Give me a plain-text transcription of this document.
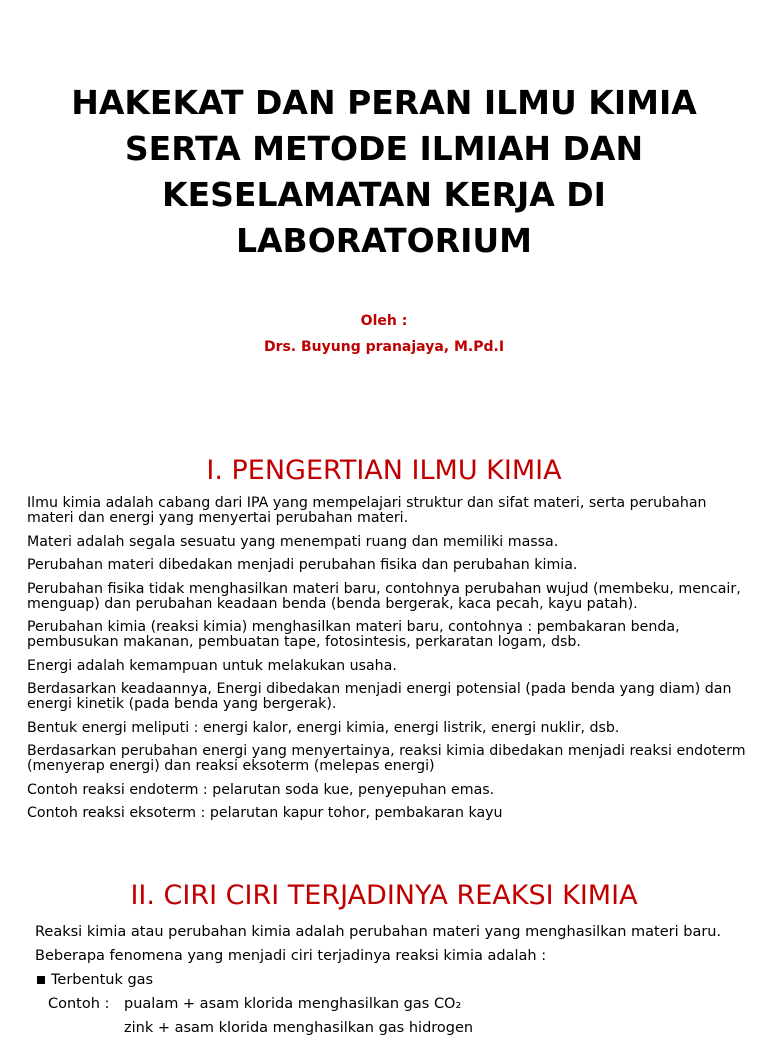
HAKEKAT DAN PERAN ILMU KIMIA SERTA METODE ILMIAH DAN KESELAMATAN KERJA DI LABORATORIUM
Oleh :
Drs. Buyung pranajaya, M.Pd.I
I. PENGERTIAN ILMU KIMIA

Ilmu kimia adalah cabang dari IPA yang mempelajari struktur dan sifat materi, serta perubahan materi dan energi yang menyertai perubahan materi.

Materi adalah segala sesuatu yang menempati ruang dan memiliki massa.

Perubahan materi dibedakan menjadi perubahan fisika dan perubahan kimia.

Perubahan fisika tidak menghasilkan materi baru, contohnya perubahan wujud (membeku, mencair, menguap) dan perubahan keadaan benda (benda bergerak, kaca pecah, kayu patah).

Perubahan kimia (reaksi kimia) menghasilkan materi baru, contohnya : pembakaran benda, pembusukan makanan, pembuatan tape, fotosintesis, perkaratan logam, dsb.

Energi adalah kemampuan untuk melakukan usaha.

Berdasarkan keadaannya, Energi dibedakan menjadi energi potensial (pada benda yang diam) dan energi kinetik (pada benda yang bergerak).

Bentuk energi meliputi : energi kalor, energi kimia, energi listrik, energi nuklir, dsb.

Berdasarkan perubahan energi yang menyertainya, reaksi kimia dibedakan menjadi reaksi endoterm (menyerap energi) dan reaksi eksoterm (melepas energi)

Contoh reaksi endoterm : pelarutan soda kue, penyepuhan emas.

Contoh reaksi eksoterm : pelarutan kapur tohor, pembakaran kayu

II. CIRI CIRI TERJADINYA REAKSI KIMIA

Reaksi kimia atau perubahan kimia adalah perubahan materi yang menghasilkan materi baru. Beberapa fenomena yang menjadi ciri terjadinya reaksi kimia adalah :

Terbentuk gas

Contoh : pualam + asam klorida menghasilkan gas CO₂

zink + asam klorida menghasilkan gas hidrogen
